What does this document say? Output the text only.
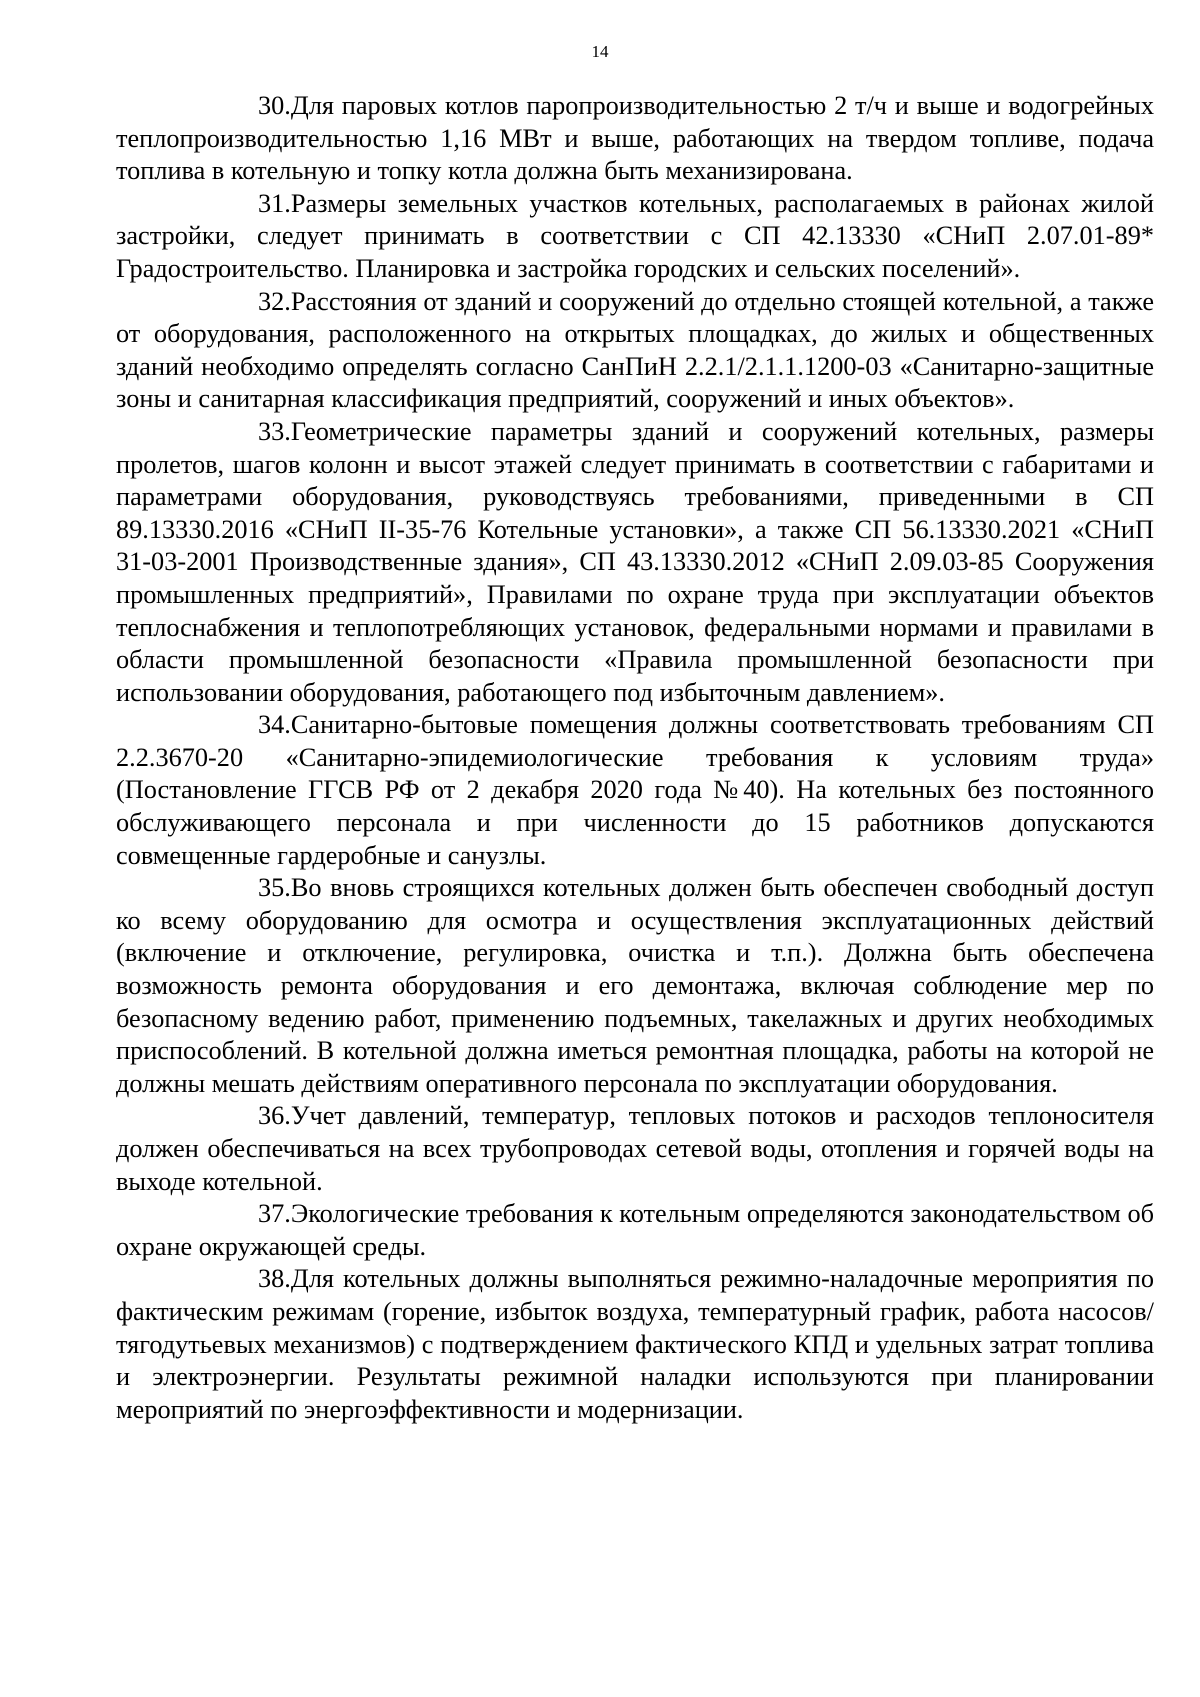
14

30.Для паровых котлов паропроизводительностью 2 т/ч и выше и водогрейных теплопроизводительностью 1,16 МВт и выше, работающих на твердом топливе, подача топлива в котельную и топку котла должна быть механизирована.

31.Размеры земельных участков котельных, располагаемых в районах жилой застройки, следует принимать в соответствии с СП 42.13330 «СНиП 2.07.01-89* Градостроительство. Планировка и застройка городских и сельских поселений».

32.Расстояния от зданий и сооружений до отдельно стоящей котельной, а также от оборудования, расположенного на открытых площадках, до жилых и общественных зданий необходимо определять согласно СанПиН 2.2.1/2.1.1.1200-03 «Санитарно-защитные зоны и санитарная классификация предприятий, сооружений и иных объектов».

33.Геометрические параметры зданий и сооружений котельных, размеры пролетов, шагов колонн и высот этажей следует принимать в соответствии с габаритами и параметрами оборудования, руководствуясь требованиями, приведенными в СП 89.13330.2016 «СНиП II-35-76 Котельные установки», а также СП 56.13330.2021 «СНиП 31-03-2001 Производственные здания», СП 43.13330.2012 «СНиП 2.09.03-85 Сооружения промышленных предприятий», Правилами по охране труда при эксплуатации объектов теплоснабжения и теплопотребляющих установок, федеральными нормами и правилами в области промышленной безопасности «Правила промышленной безопасности при использовании оборудования, работающего под избыточным давлением».

34.Санитарно-бытовые помещения должны соответствовать требованиям СП 2.2.3670-20 «Санитарно-эпидемиологические требования к условиям труда» (Постановление ГГСВ РФ от 2 декабря 2020 года №40). На котельных без постоянного обслуживающего персонала и при численности до 15 работников допускаются совмещенные гардеробные и санузлы.

35.Во вновь строящихся котельных должен быть обеспечен свободный доступ ко всему оборудованию для осмотра и осуществления эксплуатационных действий (включение и отключение, регулировка, очистка и т.п.). Должна быть обеспечена возможность ремонта оборудования и его демонтажа, включая соблюдение мер по безопасному ведению работ, применению подъемных, такелажных и других необходимых приспособлений. В котельной должна иметься ремонтная площадка, работы на которой не должны мешать действиям оперативного персонала по эксплуатации оборудования.

36.Учет давлений, температур, тепловых потоков и расходов теплоносителя должен обеспечиваться на всех трубопроводах сетевой воды, отопления и горячей воды на выходе котельной.

37.Экологические требования к котельным определяются законодательством об охране окружающей среды.

38.Для котельных должны выполняться режимно-наладочные мероприятия по фактическим режимам (горение, избыток воздуха, температурный график, работа насосов/тягодутьевых механизмов) с подтверждением фактического КПД и удельных затрат топлива и электроэнергии. Результаты режимной наладки используются при планировании мероприятий по энергоэффективности и модернизации.
